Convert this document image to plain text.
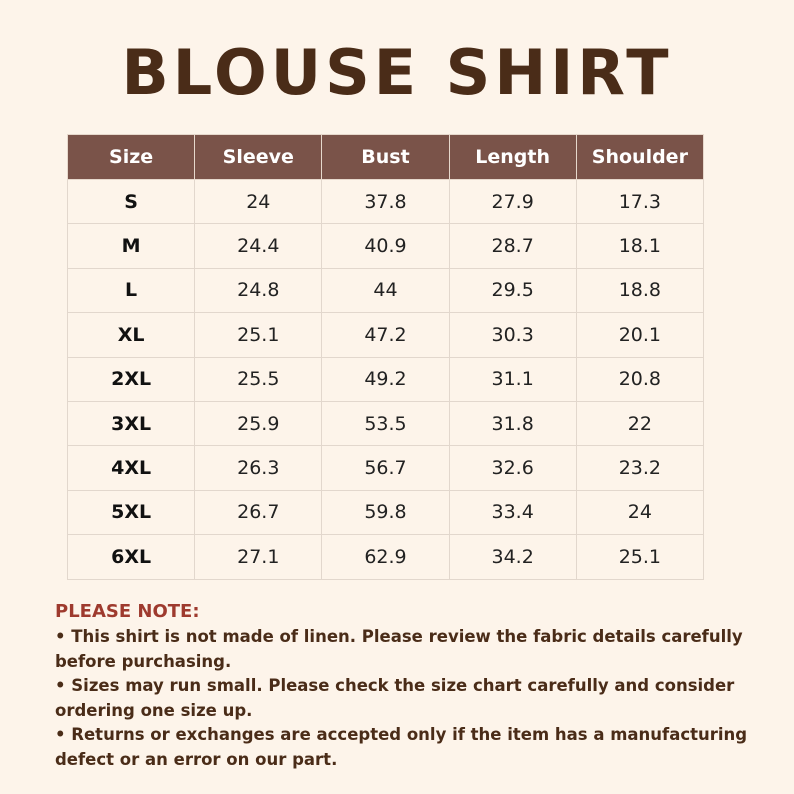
BLOUSE SHIRT
Size	Sleeve	Bust	Length	Shoulder
S	24	37.8	27.9	17.3
M	24.4	40.9	28.7	18.1
L	24.8	44	29.5	18.8
XL	25.1	47.2	30.3	20.1
2XL	25.5	49.2	31.1	20.8
3XL	25.9	53.5	31.8	22
4XL	26.3	56.7	32.6	23.2
5XL	26.7	59.8	33.4	24
6XL	27.1	62.9	34.2	25.1
PLEASE NOTE:

• This shirt is not made of linen. Please review the fabric details carefully before purchasing.

• Sizes may run small. Please check the size chart carefully and consider ordering one size up.

• Returns or exchanges are accepted only if the item has a manufacturing defect or an error on our part.
